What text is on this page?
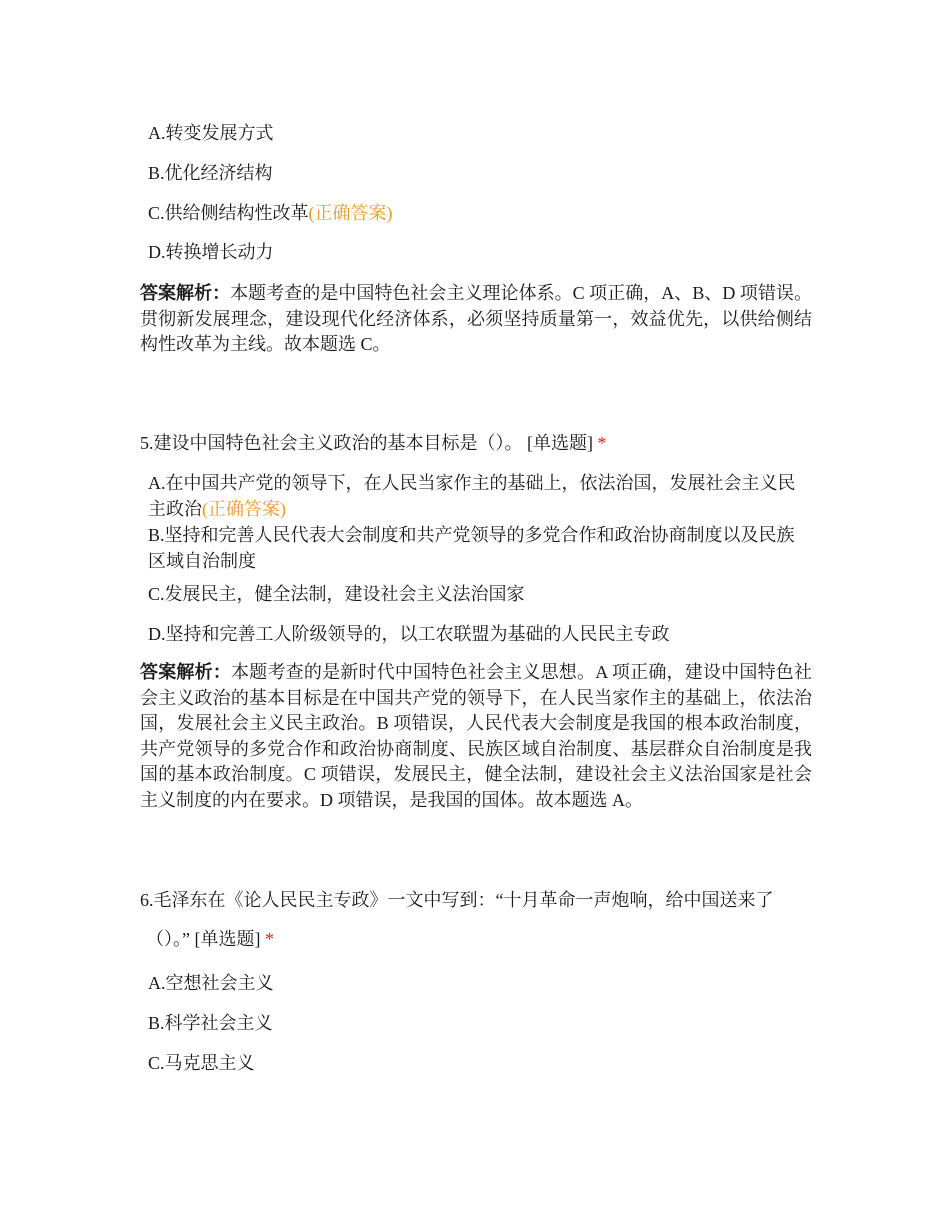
A.转变发展方式
B.优化经济结构
C.供给侧结构性改革(正确答案)
D.转换增长动力
答案解析：本题考查的是中国特色社会主义理论体系。C 项正确，A、B、D 项错误。贯彻新发展理念，建设现代化经济体系，必须坚持质量第一，效益优先，以供给侧结构性改革为主线。故本题选 C。
5.建设中国特色社会主义政治的基本目标是（）。 [单选题] *
A.在中国共产党的领导下，在人民当家作主的基础上，依法治国，发展社会主义民主政治(正确答案)
B.坚持和完善人民代表大会制度和共产党领导的多党合作和政治协商制度以及民族区域自治制度
C.发展民主，健全法制，建设社会主义法治国家
D.坚持和完善工人阶级领导的，以工农联盟为基础的人民民主专政
答案解析：本题考查的是新时代中国特色社会主义思想。A 项正确，建设中国特色社会主义政治的基本目标是在中国共产党的领导下，在人民当家作主的基础上，依法治国，发展社会主义民主政治。B 项错误，人民代表大会制度是我国的根本政治制度，共产党领导的多党合作和政治协商制度、民族区域自治制度、基层群众自治制度是我国的基本政治制度。C 项错误，发展民主，健全法制，建设社会主义法治国家是社会主义制度的内在要求。D 项错误，是我国的国体。故本题选 A。
6.毛泽东在《论人民民主专政》一文中写到：“十月革命一声炮响，给中国送来了
（）。” [单选题] *
A.空想社会主义
B.科学社会主义
C.马克思主义
